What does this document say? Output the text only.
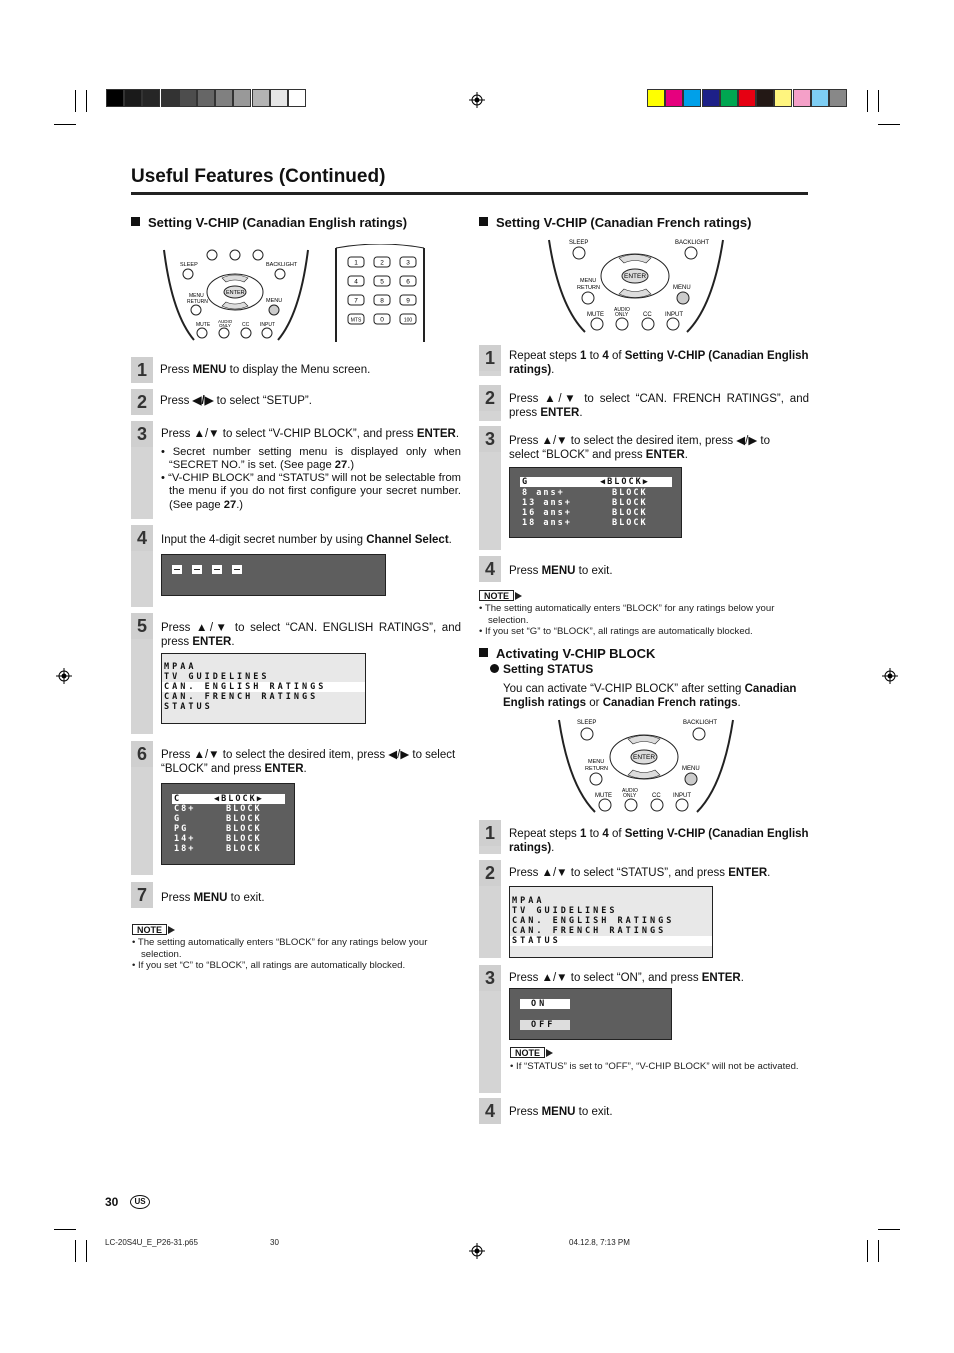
Useful Features (Continued)
Setting V-CHIP (Canadian English ratings)
SLEEP	BACKLIGHT
ENTER
MENU
RETURN	MENU
MUTE
AUDIO
ONLY CC INPUT
1	2	3
4	5	6
7	8	9
MTS	0	100
1	Press MENU to display the Menu screen.
2	Press ◀/▶ to select “SETUP”.
3	Press ▲/▼ to select “V-CHIP BLOCK”, and press ENTER.
• Secret number setting menu is displayed only when “SECRET NO.” is set. (See page 27.)
• “V-CHIP BLOCK” and “STATUS” will not be selectable from the menu if you do not first configure your secret number. (See page 27.)
4	Input the 4-digit secret number by using Channel Select.
5	Press ▲/▼ to select “CAN. ENGLISH RATINGS”, and press ENTER.
MPAA
TV GUIDELINES
CAN. ENGLISH RATINGS
CAN. FRENCH RATINGS
STATUS
6	Press ▲/▼ to select the desired item, press ◀/▶ to select “BLOCK” and press ENTER.
C	◀BLOCK▶
C8+	BLOCK
G	BLOCK
PG	BLOCK
14+	BLOCK
18+	BLOCK
7	Press MENU to exit.
NOTE
• The setting automatically enters “BLOCK” for any ratings below your selection.
• If you set “C” to “BLOCK”, all ratings are automatically blocked.
Setting V-CHIP (Canadian French ratings)
SLEEP	BACKLIGHT
ENTER
MENU
RETURN	MENU
MUTE
AUDIO
ONLY CC INPUT
1	Repeat steps 1 to 4 of Setting V-CHIP (Canadian English ratings).
2	Press ▲/▼ to select “CAN. FRENCH RATINGS”, and press ENTER.
3	Press ▲/▼ to select the desired item, press ◀/▶ to select “BLOCK” and press ENTER.
G	◀BLOCK▶
8 ans+	BLOCK
13 ans+	BLOCK
16 ans+	BLOCK
18 ans+	BLOCK
4	Press MENU to exit.
NOTE
• The setting automatically enters “BLOCK” for any ratings below your selection.
• If you set “G” to “BLOCK”, all ratings are automatically blocked.
Activating V-CHIP BLOCK
Setting STATUS
You can activate “V-CHIP BLOCK” after setting Canadian English ratings or Canadian French ratings.
SLEEP	BACKLIGHT
ENTER
MENU
RETURN	MENU
MUTE
AUDIO
ONLY	CC INPUT
1	Repeat steps 1 to 4 of Setting V-CHIP (Canadian English ratings).
2	Press ▲/▼ to select “STATUS”, and press ENTER.
MPAA
TV GUIDELINES
CAN. ENGLISH RATINGS
CAN. FRENCH RATINGS
STATUS
3	Press ▲/▼ to select “ON”, and press ENTER.
ON
OFF
NOTE
• If “STATUS” is set to “OFF”, “V-CHIP BLOCK” will not be activated.
4	Press MENU to exit.
30	US
LC-20S4U_E_P26-31.p65	30	04.12.8, 7:13 PM
